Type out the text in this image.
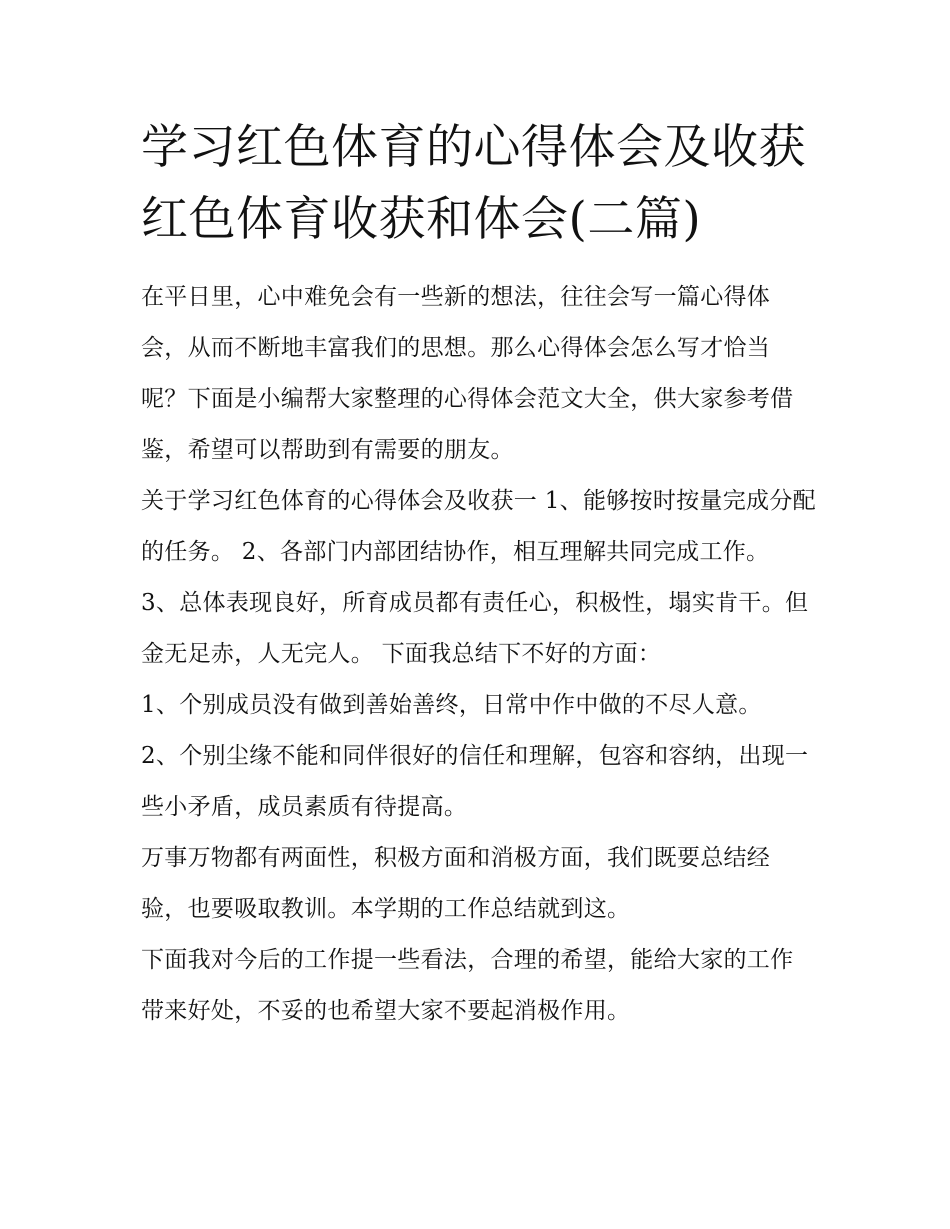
学习红色体育的心得体会及收获 红色体育收获和体会(二篇)

在平日里，心中难免会有一些新的想法，往往会写一篇心得体会，从而不断地丰富我们的思想。那么心得体会怎么写才恰当呢？下面是小编帮大家整理的心得体会范文大全，供大家参考借鉴，希望可以帮助到有需要的朋友。

关于学习红色体育的心得体会及收获一 1、能够按时按量完成分配的任务。 2、各部门内部团结协作，相互理解共同完成工作。

3、总体表现良好，所育成员都有责任心，积极性，塌实肯干。但金无足赤，人无完人。 下面我总结下不好的方面：

1、个别成员没有做到善始善终，日常中作中做的不尽人意。

2、个别尘缘不能和同伴很好的信任和理解，包容和容纳，出现一些小矛盾，成员素质有待提高。

万事万物都有两面性，积极方面和消极方面，我们既要总结经验，也要吸取教训。本学期的工作总结就到这。

下面我对今后的工作提一些看法，合理的希望，能给大家的工作带来好处，不妥的也希望大家不要起消极作用。
